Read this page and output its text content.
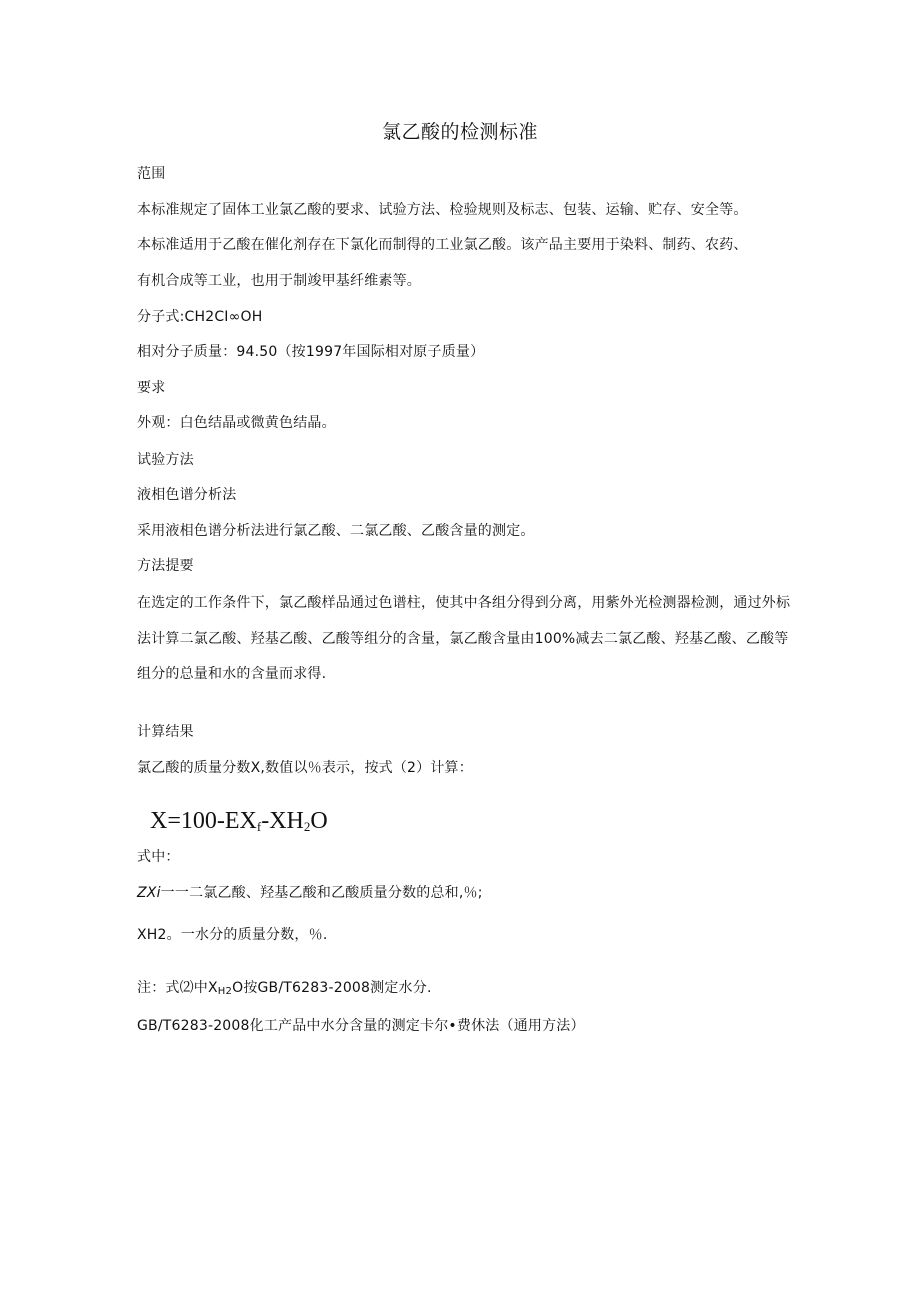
氯乙酸的检测标准
范围
本标准规定了固体工业氯乙酸的要求、试验方法、检验规则及标志、包装、运输、贮存、安全等。
本标准适用于乙酸在催化剂存在下氯化而制得的工业氯乙酸。该产品主要用于染料、制药、农药、
有机合成等工业，也用于制竣甲基纤维素等。
分子式:CH2CI∞OH
相对分子质量：94.50（按1997年国际相对原子质量）
要求
外观：白色结晶或微黄色结晶。
试验方法
液相色谱分析法
采用液相色谱分析法进行氯乙酸、二氯乙酸、乙酸含量的测定。
方法提要
在选定的工作条件下，氯乙酸样品通过色谱柱，使其中各组分得到分离，用紫外光检测器检测，通过外标
法计算二氯乙酸、羟基乙酸、乙酸等组分的含量，氯乙酸含量由100%减去二氯乙酸、羟基乙酸、乙酸等
组分的总量和水的含量而求得.
计算结果
氯乙酸的质量分数X,数值以％表示，按式（2）计算：
$X=100-EX_f-XH_2O$
式中：
ZXi一一二氯乙酸、羟基乙酸和乙酸质量分数的总和,％;
XH2。一水分的质量分数，％.
注：式⑵中$X_{H2}O$按GB/T6283-2008测定水分.
GB/T6283-2008化工产品中水分含量的测定卡尔•费休法（通用方法）
